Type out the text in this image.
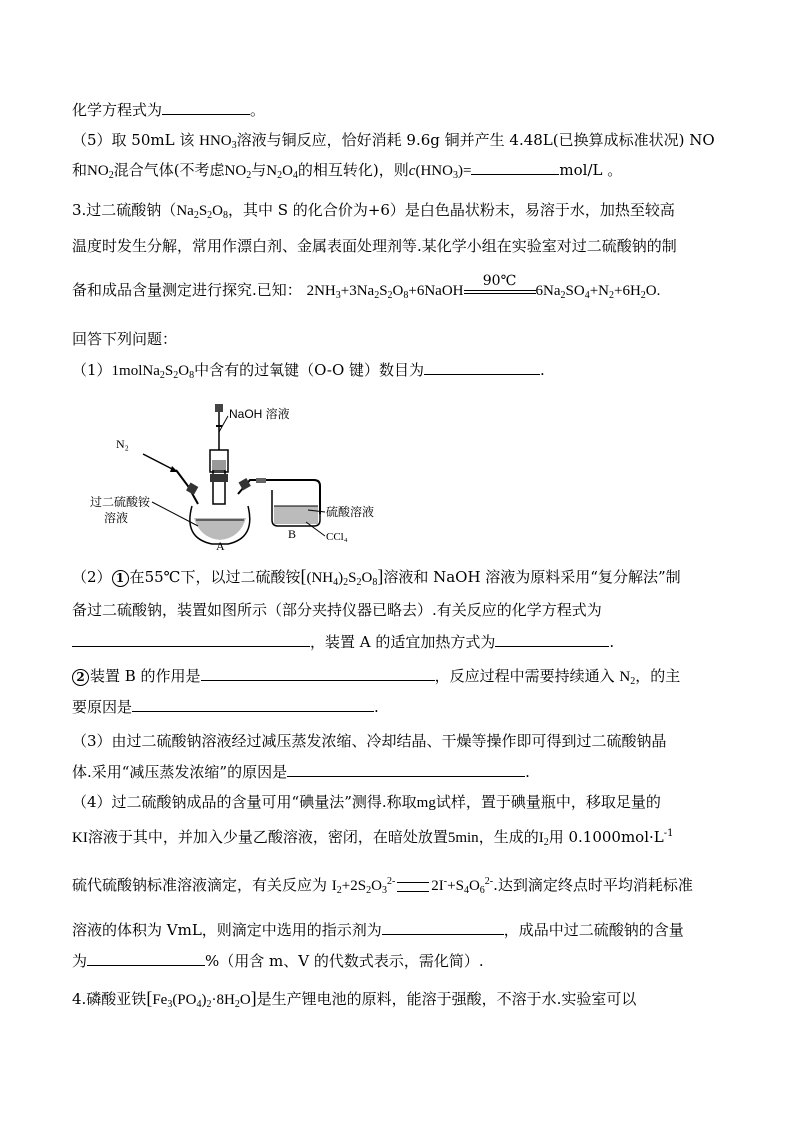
化学方程式为	。
（5）取 50mL 该 $HNO_3$溶液与铜反应，恰好消耗 9.6g 铜并产生 4.48L(已换算成标准状况) NO
和$NO_2$混合气体(不考虑$NO_2$与$N_2O_4$的相互转化)，则$c(HNO_3)=$	mol/L 。
3.过二硫酸钠（$Na_2S_2O_8$，其中 S 的化合价为+6）是白色晶状粉末，易溶于水，加热至较高
温度时发生分解，常用作漂白剂、金属表面处理剂等.某化学小组在实验室对过二硫酸钠的制
备和成品含量测定进行探究.已知： $2NH_3+3Na_2S_2O_8+6NaOH$
90℃
$6Na_2SO_4+N_2+6H_2O$.
回答下列问题：
$(1)1molNa_2S_2O_8$中含有的过氧键（O-O 键）数目为	.
N₂
NaOH 溶液
硫酸溶液
CCl₄
过二硫酸铵
溶液
A
B
（2） 1 在55℃下，以过二硫酸铵$[(NH_4)_2S_2O_8]$溶液和 NaOH 溶液为原料采用“复分解法”制
备过二硫酸钠，装置如图所示（部分夹持仪器已略去）.有关反应的化学方程式为
，装置 A 的适宜加热方式为	.
2 装置 B 的作用是	，反应过程中需要持续通入 $N_2$，的主
要原因是	.
（3）由过二硫酸钠溶液经过减压蒸发浓缩、冷却结晶、干燥等操作即可得到过二硫酸钠晶
体.采用“减压蒸发浓缩”的原因是	.
（4）过二硫酸钠成品的含量可用“碘量法”测得.称取mg试样，置于碘量瓶中，移取足量的
KI溶液于其中，并加入少量乙酸溶液，密闭，在暗处放置5min，生成的$I_2$用 $0.1000mol\cdot L^{-1}$
硫代硫酸钠标准溶液滴定，有关反应为 $I_2+2S_2O_3^{2-}$ $2I^-+S_4O_6^{2-}$.达到滴定终点时平均消耗标准
溶液的体积为 VmL，则滴定中选用的指示剂为	，成品中过二硫酸钠的含量
为	%（用含 m、V 的代数式表示，需化简）.
4.磷酸亚铁$[Fe_3(PO_4)_2\cdot 8H_2O]$是生产锂电池的原料，能溶于强酸，不溶于水.实验室可以
